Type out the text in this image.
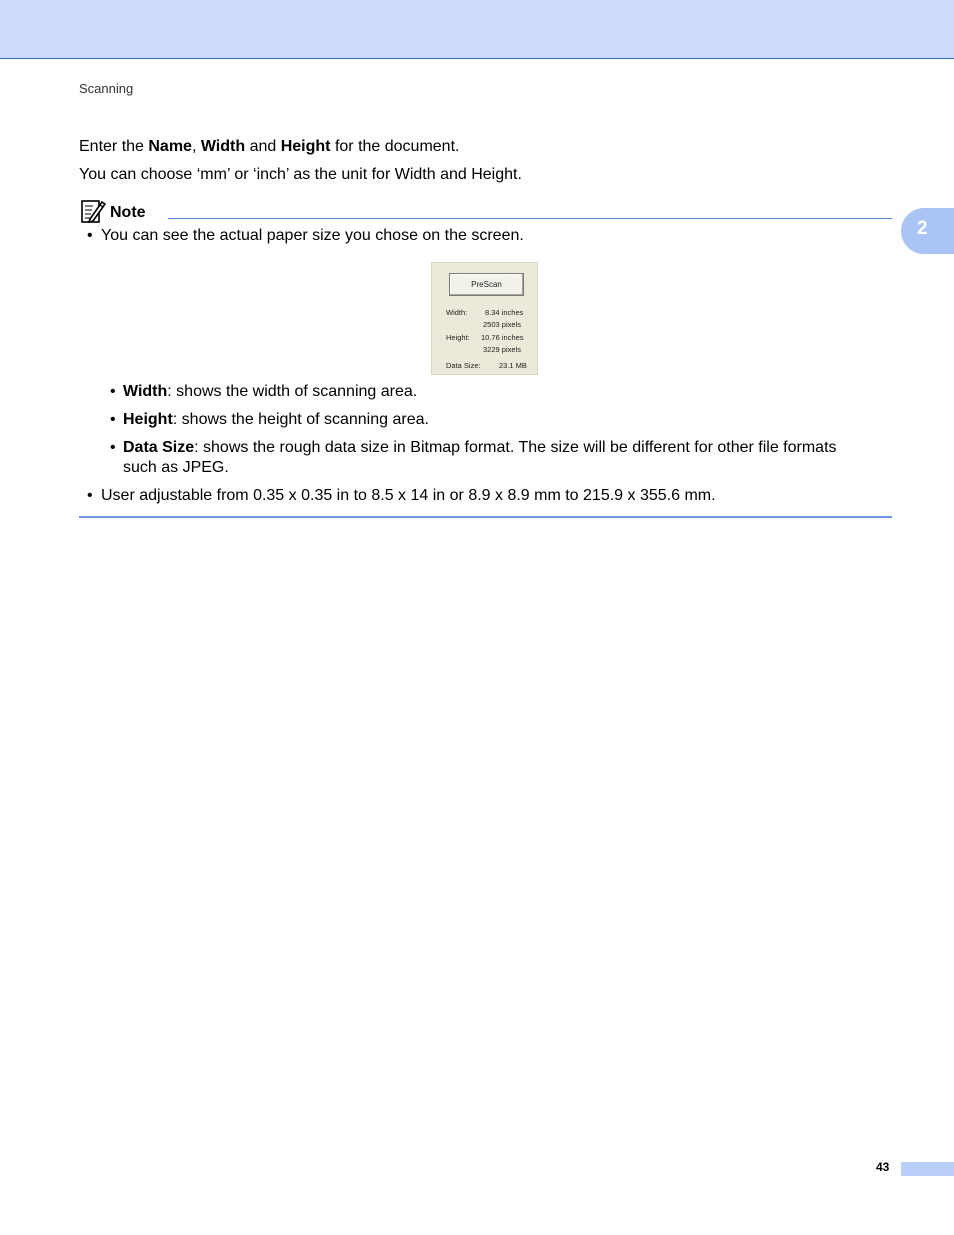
Scanning
2
Enter the Name, Width and Height for the document.
You can choose ‘mm’ or ‘inch’ as the unit for Width and Height.
Note
• You can see the actual paper size you chose on the screen.
PreScan
Width: 8.34 inches
2503 pixels
Height: 10.76 inches
3229 pixels
Data Size: 23.1 MB
• Width: shows the width of scanning area.
• Height: shows the height of scanning area.
• Data Size: shows the rough data size in Bitmap format. The size will be different for other file formats
such as JPEG.
• User adjustable from 0.35 x 0.35 in to 8.5 x 14 in or 8.9 x 8.9 mm to 215.9 x 355.6 mm.
43
